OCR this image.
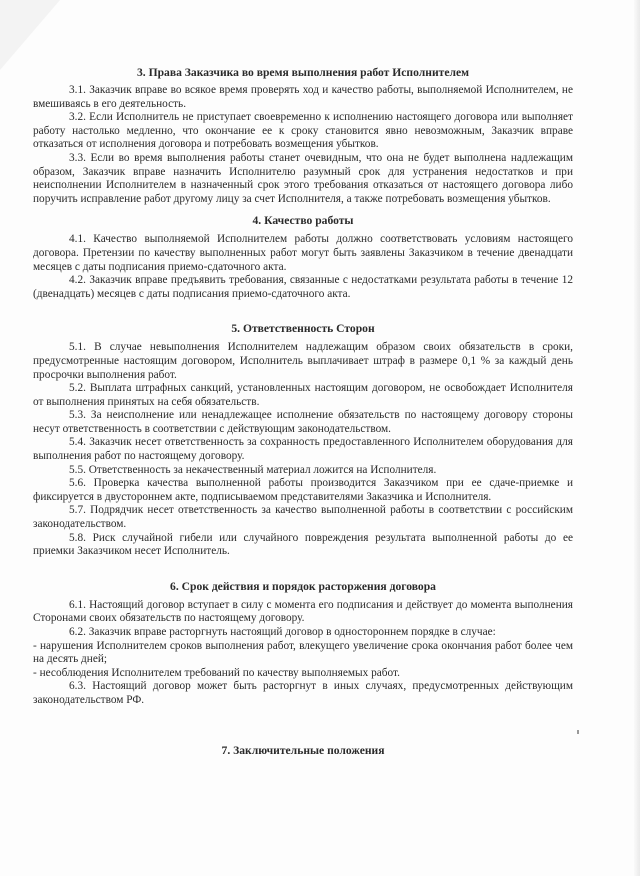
3. Права Заказчика во время выполнения работ Исполнителем

3.1. Заказчик вправе во всякое время проверять ход и качество работы, выполняемой Исполнителем, не вмешиваясь в его деятельность.

3.2. Если Исполнитель не приступает своевременно к исполнению настоящего договора или выполняет работу настолько медленно, что окончание ее к сроку становится явно невозможным, Заказчик вправе отказаться от исполнения договора и потребовать возмещения убытков.

3.3. Если во время выполнения работы станет очевидным, что она не будет выполнена надлежащим образом, Заказчик вправе назначить Исполнителю разумный срок для устранения недостатков и при неисполнении Исполнителем в назначенный срок этого требования отказаться от настоящего договора либо поручить исправление работ другому лицу за счет Исполнителя, а также потребовать возмещения убытков.

4. Качество работы

4.1. Качество выполняемой Исполнителем работы должно соответствовать условиям настоящего договора. Претензии по качеству выполненных работ могут быть заявлены Заказчиком в течение двенадцати месяцев с даты подписания приемо-сдаточного акта.

4.2. Заказчик вправе предъявить требования, связанные с недостатками результата работы в течение 12 (двенадцать) месяцев с даты подписания приемо-сдаточного акта.

5. Ответственность Сторон

5.1. В случае невыполнения Исполнителем надлежащим образом своих обязательств в сроки, предусмотренные настоящим договором, Исполнитель выплачивает штраф в размере 0,1 % за каждый день просрочки выполнения работ.

5.2. Выплата штрафных санкций, установленных настоящим договором, не освобождает Исполнителя от выполнения принятых на себя обязательств.

5.3. За неисполнение или ненадлежащее исполнение обязательств по настоящему договору стороны несут ответственность в соответствии с действующим законодательством.

5.4. Заказчик несет ответственность за сохранность предоставленного Исполнителем оборудования для выполнения работ по настоящему договору.

5.5. Ответственность за некачественный материал ложится на Исполнителя.

5.6. Проверка качества выполненной работы производится Заказчиком при ее сдаче-приемке и фиксируется в двустороннем акте, подписываемом представителями Заказчика и Исполнителя.

5.7. Подрядчик несет ответственность за качество выполненной работы в соответствии с российским законодательством.

5.8. Риск случайной гибели или случайного повреждения результата выполненной работы до ее приемки Заказчиком несет Исполнитель.

6. Срок действия и порядок расторжения договора

6.1. Настоящий договор вступает в силу с момента его подписания и действует до момента выполнения Сторонами своих обязательств по настоящему договору.

6.2. Заказчик вправе расторгнуть настоящий договор в одностороннем порядке в случае:

- нарушения Исполнителем сроков выполнения работ, влекущего увеличение срока окончания работ более чем на десять дней;

- несоблюдения Исполнителем требований по качеству выполняемых работ.

6.3. Настоящий договор может быть расторгнут в иных случаях, предусмотренных действующим законодательством РФ.

7. Заключительные положения
